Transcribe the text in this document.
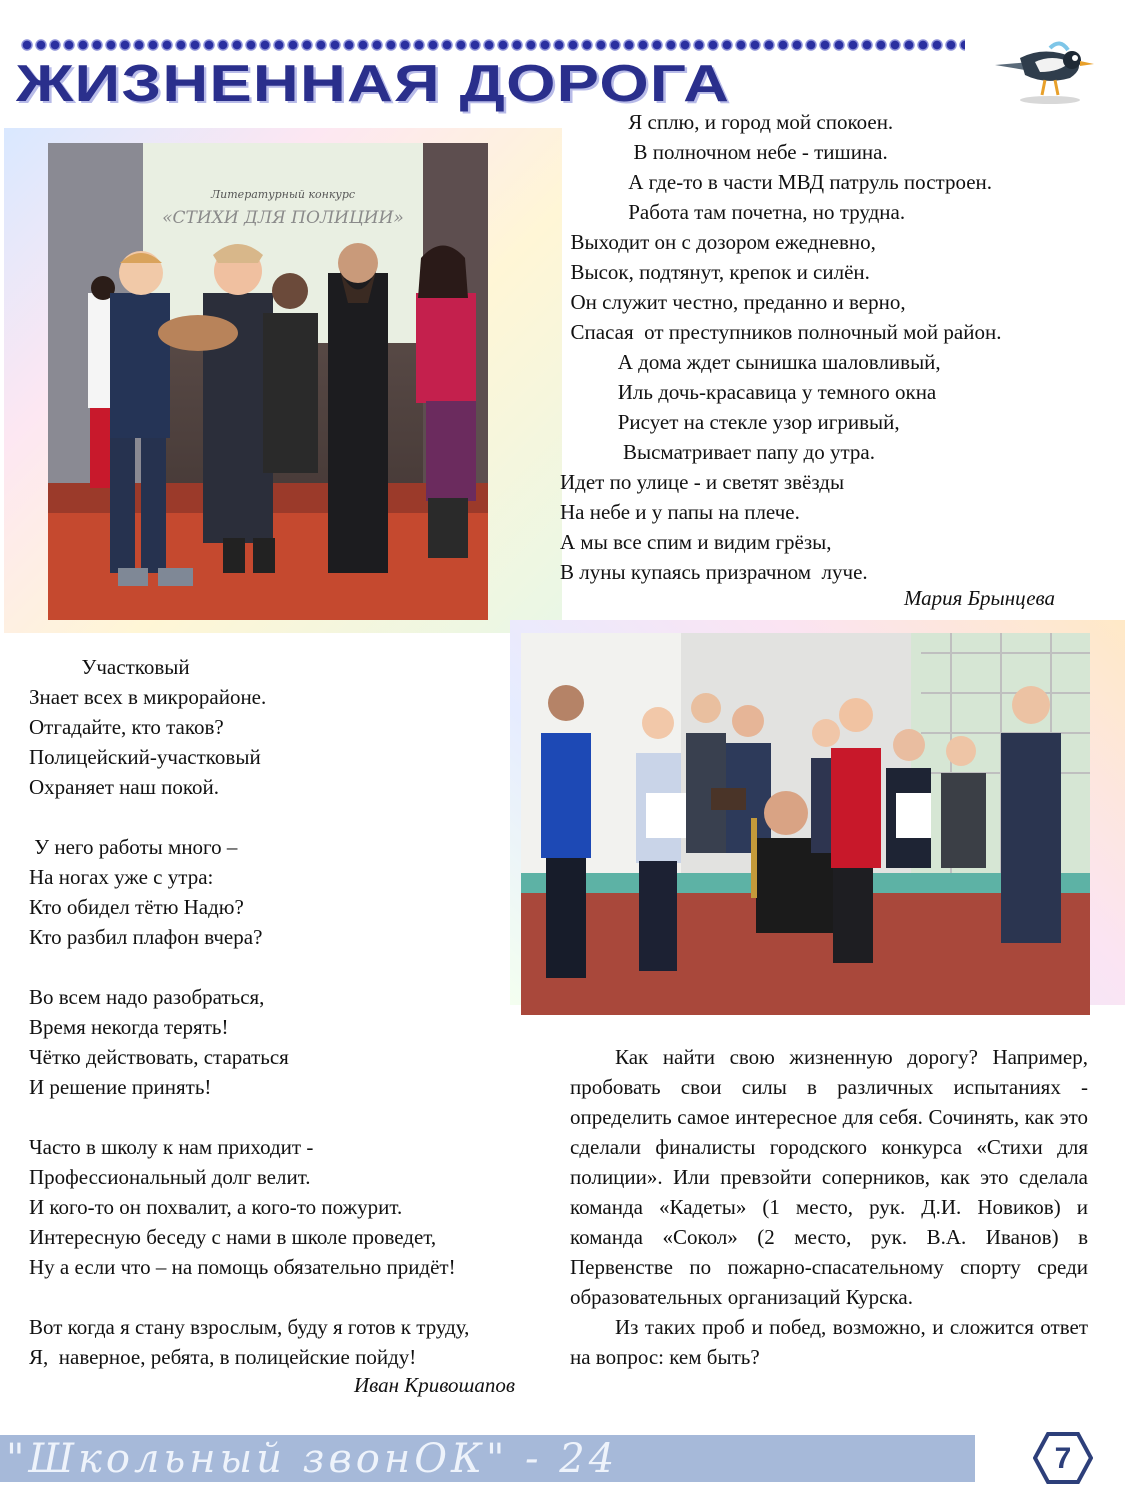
ЖИЗНЕННАЯ ДОРОГА
Литературный конкурс
«СТИХИ ДЛЯ ПОЛИЦИИ»
Я сплю, и город мой спокоен.
В полночном небе - тишина.
А где-то в части МВД патруль построен.
Работа там почетна, но трудна.
Выходит он с дозором ежедневно,
Высок, подтянут, крепок и силён.
Он служит честно, преданно и верно,
Спасая  от преступников полночный мой район.
А дома ждет сынишка шаловливый,
Иль дочь-красавица у темного окна
Рисует на стекле узор игривый,
Высматривает папу до утра.
Идет по улице - и светят звёзды
На небе и у папы на плече.
А мы все спим и видим грёзы,
В луны купаясь призрачном  луче.
Мария Брынцева
Участковый
Знает всех в микрорайоне.
Отгадайте, кто таков?
Полицейский-участковый
Охраняет наш покой.
У него работы много –
На ногах уже с утра:
Кто обидел тётю Надю?
Кто разбил плафон вчера?
Во всем надо разобраться,
Время некогда терять!
Чётко действовать, стараться
И решение принять!
Часто в школу к нам приходит -
Профессиональный долг велит.
И кого-то он похвалит, а кого-то пожурит.
Интересную беседу с нами в школе проведет,
Ну а если что – на помощь обязательно придёт!
Вот когда я стану взрослым, буду я готов к труду,
Я,  наверное, ребята, в полицейские пойду!
Иван Кривошапов

Как найти свою жизненную дорогу? Например, пробовать свои силы в различных испытаниях - определить самое интересное для себя. Сочинять, как это сделали финалисты городского конкурса «Стихи для полиции». Или превзойти соперников, как это сделала команда «Кадеты» (1 место, рук. Д.И. Новиков) и команда «Сокол» (2 место, рук. В.А. Иванов) в Первенстве по пожарно-спасательному спорту среди образовательных организаций Курска.

Из таких проб и побед, возможно, и сложится ответ на вопрос: кем быть?

"Школьный звонОК" - 24	7
